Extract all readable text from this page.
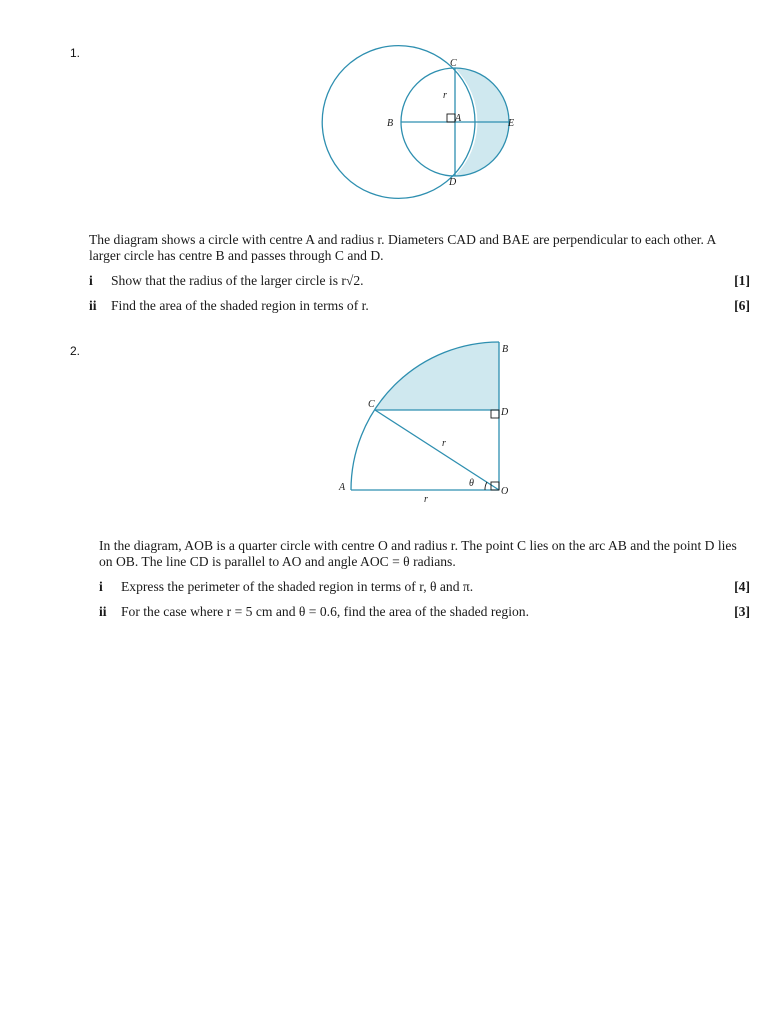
1.
C
r
B	A	E
D
The diagram shows a circle with centre A and radius r. Diameters CAD and BAE are perpendicular to each other. A larger circle has centre B and passes through C and D.
i Show that the radius of the larger circle is r√2.	[1]
ii Find the area of the shaded region in terms of r.	[6]
2.	B
C
D
r
A	θ
O
r
In the diagram, AOB is a quarter circle with centre O and radius r. The point C lies on the arc AB and the point D lies on OB. The line CD is parallel to AO and angle AOC = θ radians.
i Express the perimeter of the shaded region in terms of r, θ and π.	[4]
ii For the case where r = 5 cm and θ = 0.6, find the area of the shaded region.	[3]
